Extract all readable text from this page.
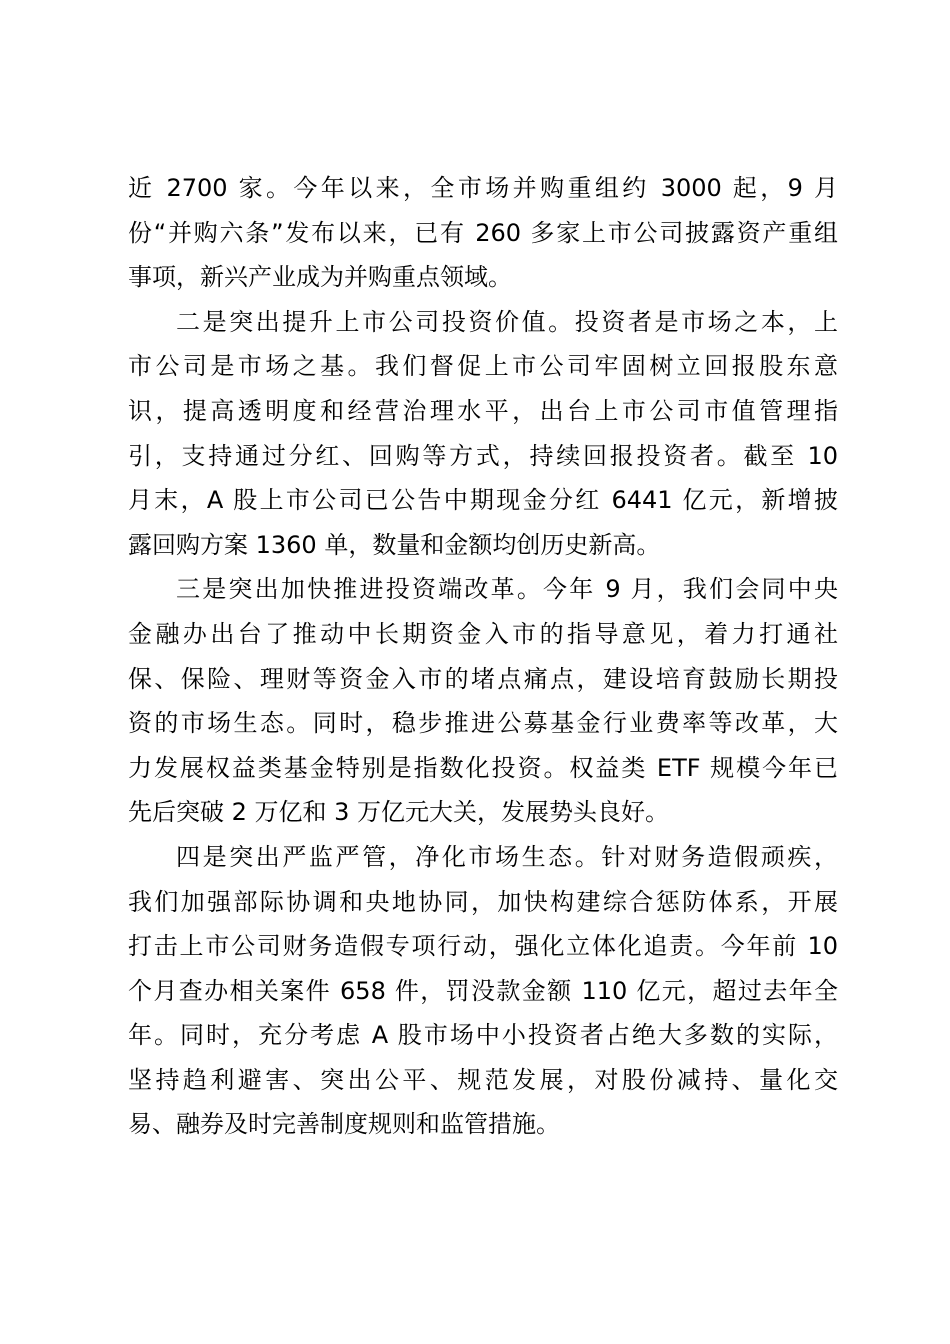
近 2700 家。今年以来，全市场并购重组约 3000 起，9 月
份“并购六条”发布以来，已有 260 多家上市公司披露资产重组
事项，新兴产业成为并购重点领域。
二是突出提升上市公司投资价值。投资者是市场之本，上
市公司是市场之基。我们督促上市公司牢固树立回报股东意
识，提高透明度和经营治理水平，出台上市公司市值管理指
引，支持通过分红、回购等方式，持续回报投资者。截至 10
月末，A 股上市公司已公告中期现金分红 6441 亿元，新增披
露回购方案 1360 单，数量和金额均创历史新高。
三是突出加快推进投资端改革。今年 9 月，我们会同中央
金融办出台了推动中长期资金入市的指导意见，着力打通社
保、保险、理财等资金入市的堵点痛点，建设培育鼓励长期投
资的市场生态。同时，稳步推进公募基金行业费率等改革，大
力发展权益类基金特别是指数化投资。权益类 ETF 规模今年已
先后突破 2 万亿和 3 万亿元大关，发展势头良好。
四是突出严监严管，净化市场生态。针对财务造假顽疾，
我们加强部际协调和央地协同，加快构建综合惩防体系，开展
打击上市公司财务造假专项行动，强化立体化追责。今年前 10
个月查办相关案件 658 件，罚没款金额 110 亿元，超过去年全
年。同时，充分考虑 A 股市场中小投资者占绝大多数的实际，
坚持趋利避害、突出公平、规范发展，对股份减持、量化交
易、融券及时完善制度规则和监管措施。
